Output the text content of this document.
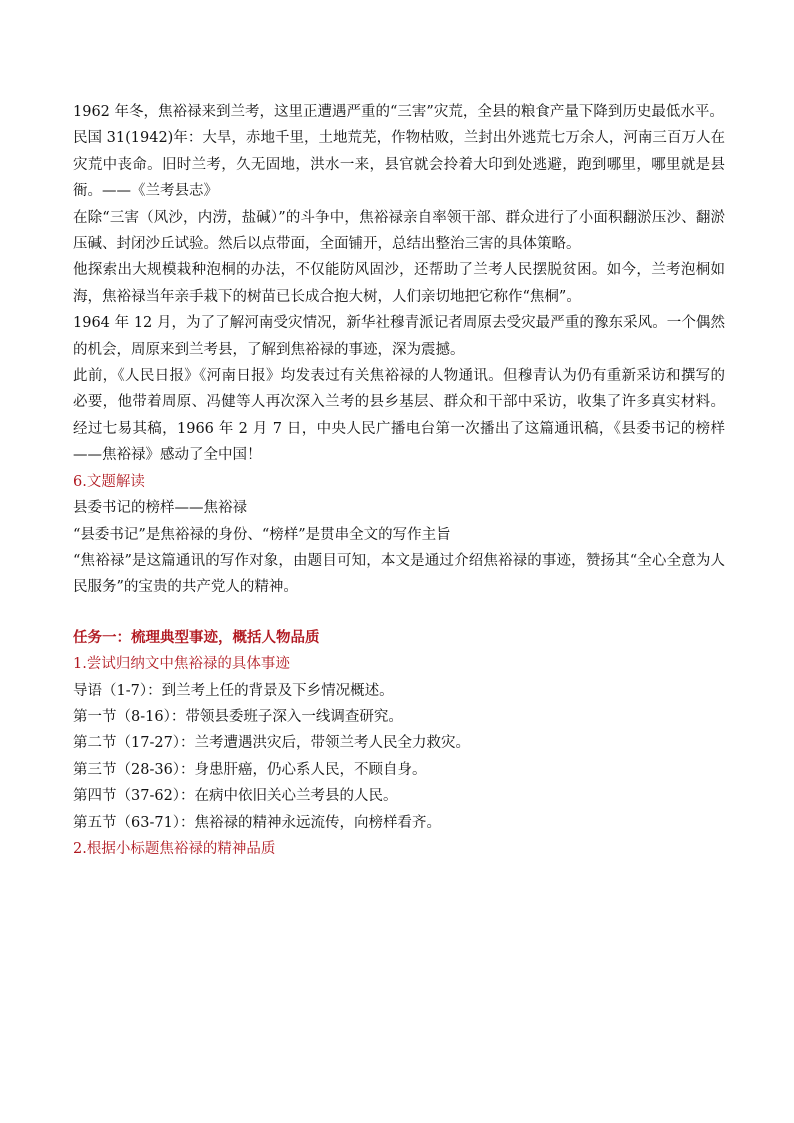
1962 年冬，焦裕禄来到兰考，这里正遭遇严重的“三害”灾荒，全县的粮食产量下降到历史最低水平。

民国 31(1942)年：大旱，赤地千里，土地荒芜，作物枯败，兰封出外逃荒七万余人，河南三百万人在灾荒中丧命。旧时兰考，久无固地，洪水一来，县官就会拎着大印到处逃避，跑到哪里，哪里就是县衙。——《兰考县志》

在除“三害（风沙，内涝，盐碱）”的斗争中，焦裕禄亲自率领干部、群众进行了小面积翻淤压沙、翻淤压碱、封闭沙丘试验。然后以点带面，全面铺开，总结出整治三害的具体策略。

他探索出大规模栽种泡桐的办法，不仅能防风固沙，还帮助了兰考人民摆脱贫困。如今，兰考泡桐如海，焦裕禄当年亲手栽下的树苗已长成合抱大树，人们亲切地把它称作“焦桐”。

1964 年 12 月，为了了解河南受灾情况，新华社穆青派记者周原去受灾最严重的豫东采风。一个偶然的机会，周原来到兰考县，了解到焦裕禄的事迹，深为震撼。

此前，《人民日报》《河南日报》均发表过有关焦裕禄的人物通讯。但穆青认为仍有重新采访和撰写的必要，他带着周原、冯健等人再次深入兰考的县乡基层、群众和干部中采访，收集了许多真实材料。经过七易其稿，1966 年 2 月 7 日，中央人民广播电台第一次播出了这篇通讯稿，《县委书记的榜样——焦裕禄》感动了全中国！

6.文题解读

县委书记的榜样——焦裕禄

“县委书记”是焦裕禄的身份、“榜样”是贯串全文的写作主旨

“焦裕禄”是这篇通讯的写作对象，由题目可知，本文是通过介绍焦裕禄的事迹，赞扬其“全心全意为人民服务”的宝贵的共产党人的精神。

任务一：梳理典型事迹，概括人物品质

1.尝试归纳文中焦裕禄的具体事迹

导语（1-7）：到兰考上任的背景及下乡情况概述。

第一节（8-16）：带领县委班子深入一线调查研究。

第二节（17-27）：兰考遭遇洪灾后，带领兰考人民全力救灾。

第三节（28-36）：身患肝癌，仍心系人民，不顾自身。

第四节（37-62）：在病中依旧关心兰考县的人民。

第五节（63-71）：焦裕禄的精神永远流传，向榜样看齐。

2.根据小标题焦裕禄的精神品质
